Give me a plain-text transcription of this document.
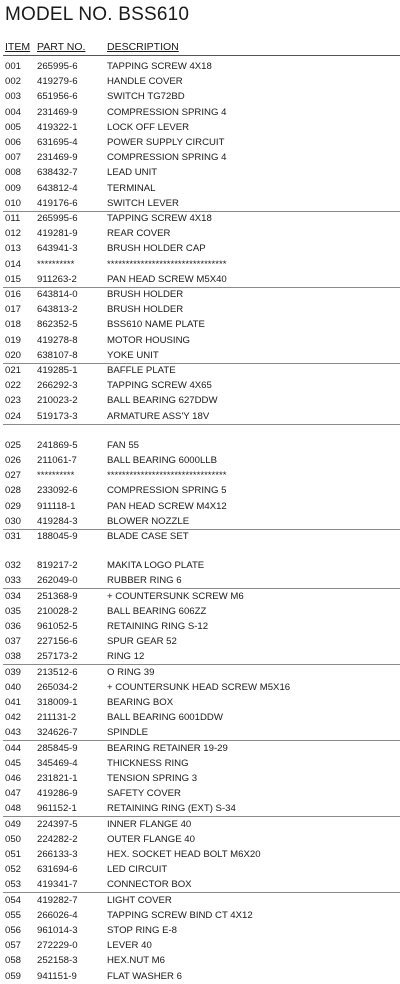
MODEL NO. BSS610
ITEM PART NO. DESCRIPTION
001 265995-6	TAPPING SCREW 4X18
002 419279-6	HANDLE COVER
003 651956-6	SWITCH TG72BD
004 231469-9	COMPRESSION SPRING 4
005 419322-1	LOCK OFF LEVER
006 631695-4	POWER SUPPLY CIRCUIT
007 231469-9	COMPRESSION SPRING 4
008 638432-7	LEAD UNIT
009 643812-4	TERMINAL
010 419176-6	SWITCH LEVER
011 265995-6	TAPPING SCREW 4X18
012 419281-9	REAR COVER
013 643941-3	BRUSH HOLDER CAP
014 **********	********************************
015 911263-2	PAN HEAD SCREW M5X40
016 643814-0	BRUSH HOLDER
017 643813-2	BRUSH HOLDER
018 862352-5	BSS610 NAME PLATE
019 419278-8	MOTOR HOUSING
020 638107-8	YOKE UNIT
021 419285-1	BAFFLE PLATE
022 266292-3	TAPPING SCREW 4X65
023 210023-2	BALL BEARING 627DDW
024 519173-3	ARMATURE ASS'Y 18V
025 241869-5	FAN 55
026 211061-7	BALL BEARING 6000LLB
027 **********	********************************
028 233092-6	COMPRESSION SPRING 5
029 911118-1	PAN HEAD SCREW M4X12
030 419284-3	BLOWER NOZZLE
031 188045-9	BLADE CASE SET
032 819217-2	MAKITA LOGO PLATE
033 262049-0	RUBBER RING 6
034 251368-9	+ COUNTERSUNK SCREW M6
035 210028-2	BALL BEARING 606ZZ
036 961052-5	RETAINING RING S-12
037 227156-6	SPUR GEAR 52
038 257173-2	RING 12
039 213512-6	O RING 39
040 265034-2	+ COUNTERSUNK HEAD SCREW M5X16
041 318009-1	BEARING BOX
042 211131-2	BALL BEARING 6001DDW
043 324626-7	SPINDLE
044 285845-9	BEARING RETAINER 19-29
045 345469-4	THICKNESS RING
046 231821-1	TENSION SPRING 3
047 419286-9	SAFETY COVER
048 961152-1	RETAINING RING (EXT) S-34
049 224397-5	INNER FLANGE 40
050 224282-2	OUTER FLANGE 40
051 266133-3	HEX. SOCKET HEAD BOLT M6X20
052 631694-6	LED CIRCUIT
053 419341-7	CONNECTOR BOX
054 419282-7	LIGHT COVER
055 266026-4	TAPPING SCREW BIND CT 4X12
056 961014-3	STOP RING E-8
057 272229-0	LEVER 40
058 252158-3	HEX.NUT M6
059 941151-9	FLAT WASHER 6
